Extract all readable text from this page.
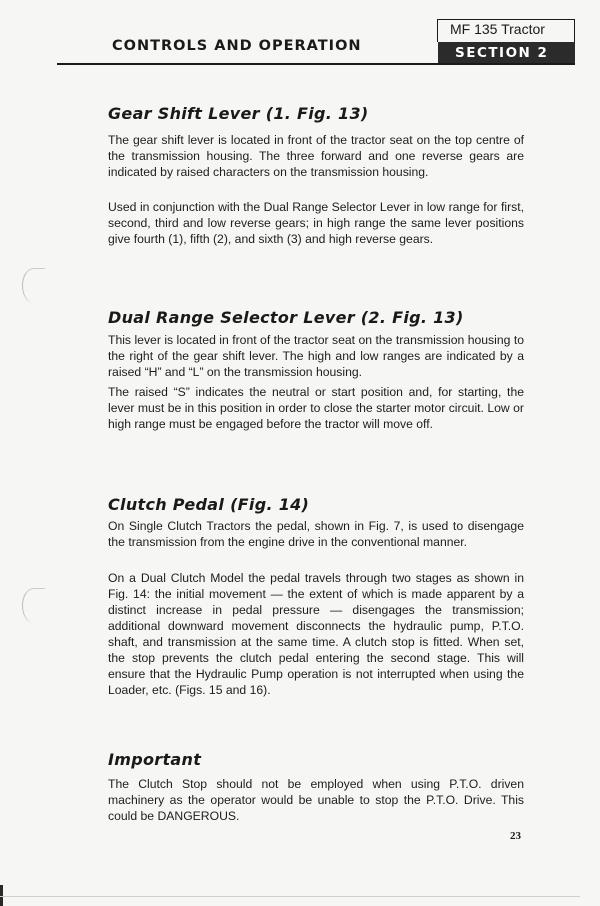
CONTROLS AND OPERATION
MF 135 Tractor
SECTION 2
Gear Shift Lever (1. Fig. 13)

The gear shift lever is located in front of the tractor seat on the top centre of the transmission housing. The three forward and one reverse gears are indicated by raised characters on the transmission housing.

Used in conjunction with the Dual Range Selector Lever in low range for first, second, third and low reverse gears; in high range the same lever positions give fourth (1), fifth (2), and sixth (3) and high reverse gears.

Dual Range Selector Lever (2. Fig. 13)

This lever is located in front of the tractor seat on the transmission housing to the right of the gear shift lever. The high and low ranges are indicated by a raised “H” and “L” on the transmission housing.

The raised “S” indicates the neutral or start position and, for starting, the lever must be in this position in order to close the starter motor circuit. Low or high range must be engaged before the tractor will move off.

Clutch Pedal (Fig. 14)

On Single Clutch Tractors the pedal, shown in Fig. 7, is used to disengage the transmission from the engine drive in the conventional manner.

On a Dual Clutch Model the pedal travels through two stages as shown in Fig. 14: the initial movement — the extent of which is made apparent by a distinct increase in pedal pressure — disengages the transmission; additional downward movement disconnects the hydraulic pump, P.T.O. shaft, and transmission at the same time. A clutch stop is fitted. When set, the stop prevents the clutch pedal entering the second stage. This will ensure that the Hydraulic Pump operation is not interrupted when using the Loader, etc. (Figs. 15 and 16).

Important

The Clutch Stop should not be employed when using P.T.O. driven machinery as the operator would be unable to stop the P.T.O. Drive. This could be DANGEROUS.

23
